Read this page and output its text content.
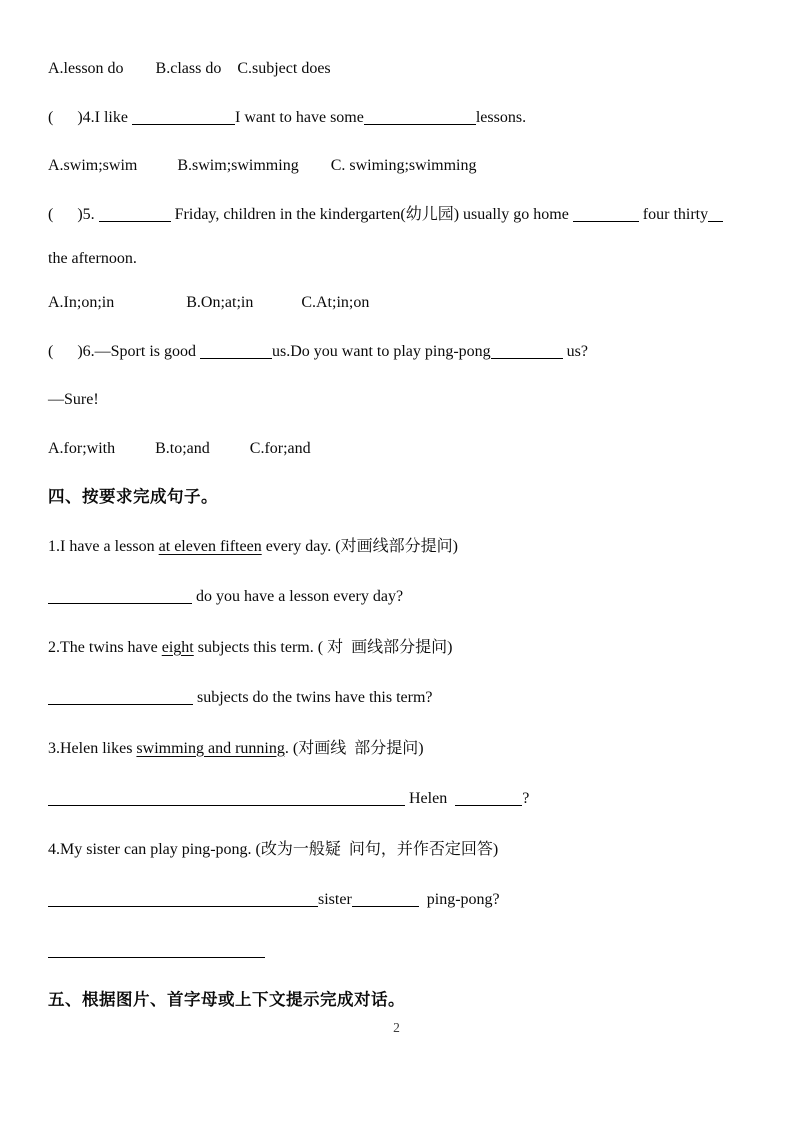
A.lesson do        B.class do    C.subject does
(      )4.I like	I want to have some	lessons.
A.swim;swim          B.swim;swimming        C. swiming;swimming
(      )5.	Friday, children in the kindergarten(幼儿园) usually go home	four thirty
the afternoon.
A.In;on;in                  B.On;at;in            C.At;in;on
(      )6.—Sport is good	us.Do you want to play ping-pong	us?
—Sure!
A.for;with          B.to;and          C.for;and
四、按要求完成句子。
1.I have a lesson at eleven fifteen every day. (对画线部分提问)
do you have a lesson every day?
2.The twins have eight subjects this term. ( 对  画线部分提问)
subjects do the twins have this term?
3.Helen likes swimming and running. (对画线  部分提问)
Helen	?
4.My sister can play ping-pong. (改为一般疑  问句，并作否定回答)
sister	ping-pong?
五、根据图片、首字母或上下文提示完成对话。
2
